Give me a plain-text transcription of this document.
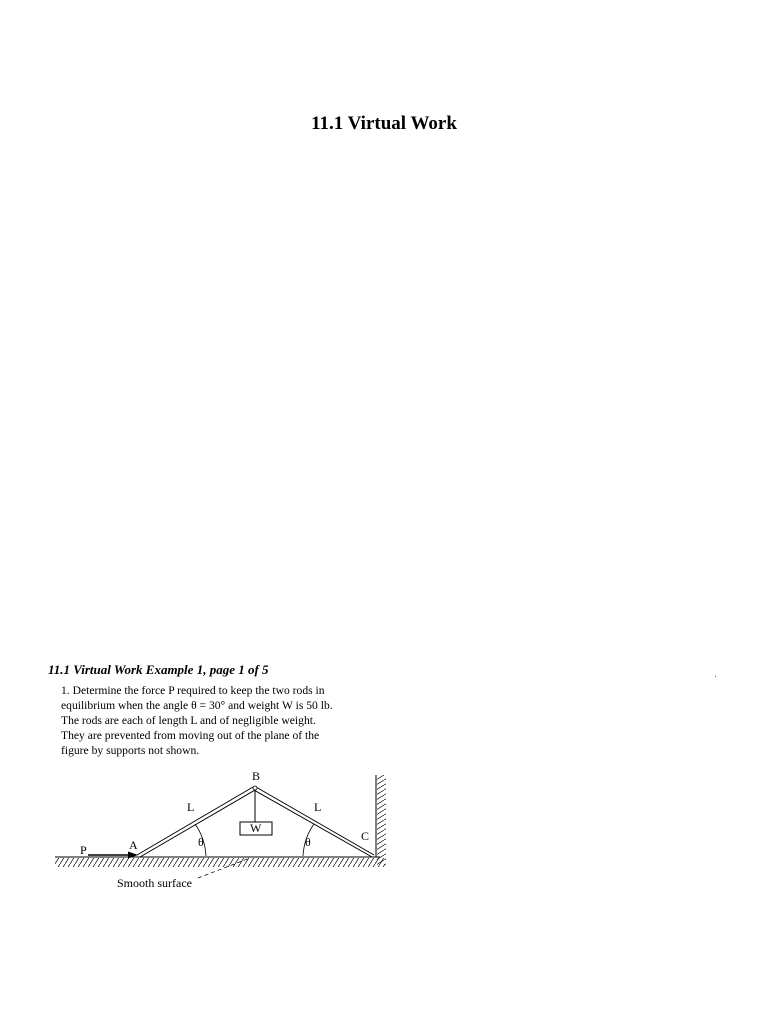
11.1 Virtual Work
11.1 Virtual Work Example 1, page 1 of 5
1. Determine the force P required to keep the two rods in
equilibrium when the angle θ = 30° and weight W is 50 lb.
The rods are each of length L and of negligible weight.
They are prevented from moving out of the plane of the
figure by supports not shown.
B
L	L
W
C
A
P
θ	θ
Smooth surface
